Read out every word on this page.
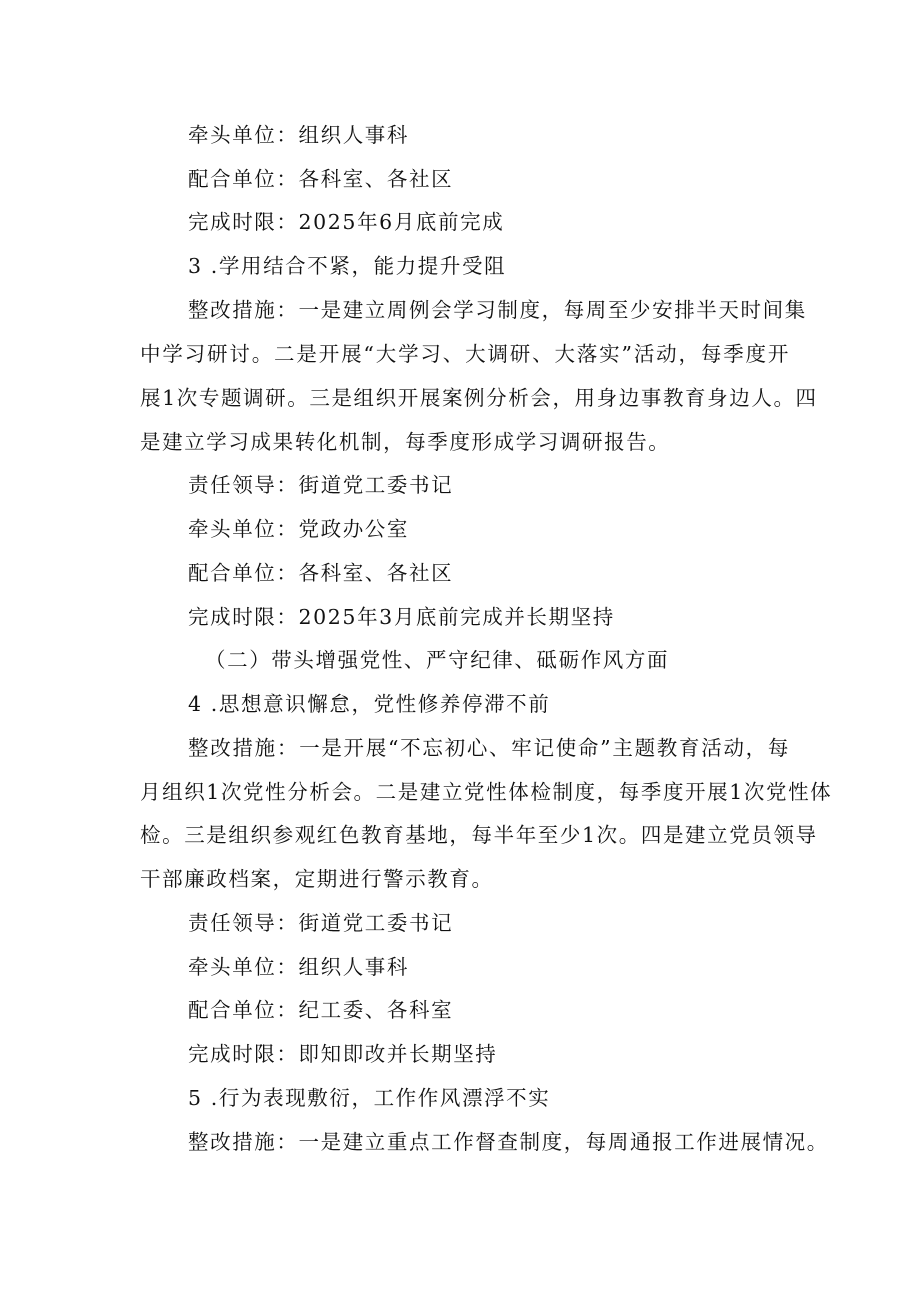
牵头单位：组织人事科
配合单位：各科室、各社区
完成时限：2025年6月底前完成
3 .学用结合不紧，能力提升受阻
整改措施：一是建立周例会学习制度，每周至少安排半天时间集
中学习研讨。二是开展“大学习、大调研、大落实”活动，每季度开
展1次专题调研。三是组织开展案例分析会，用身边事教育身边人。四
是建立学习成果转化机制，每季度形成学习调研报告。
责任领导：街道党工委书记
牵头单位：党政办公室
配合单位：各科室、各社区
完成时限：2025年3月底前完成并长期坚持
（二）带头增强党性、严守纪律、砥砺作风方面
4 .思想意识懈怠，党性修养停滞不前
整改措施：一是开展“不忘初心、牢记使命”主题教育活动，每
月组织1次党性分析会。二是建立党性体检制度，每季度开展1次党性体
检。三是组织参观红色教育基地，每半年至少1次。四是建立党员领导
干部廉政档案，定期进行警示教育。
责任领导：街道党工委书记
牵头单位：组织人事科
配合单位：纪工委、各科室
完成时限：即知即改并长期坚持
5 .行为表现敷衍，工作作风漂浮不实
整改措施：一是建立重点工作督查制度，每周通报工作进展情况。
